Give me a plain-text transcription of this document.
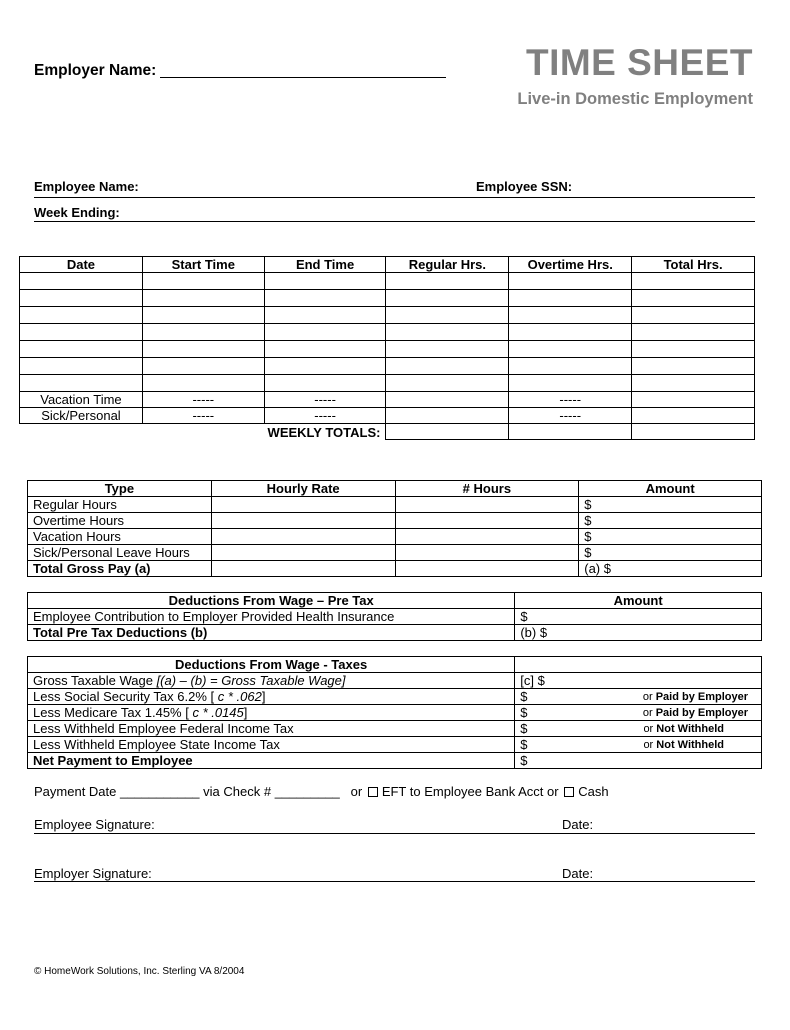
Employer Name:	TIME SHEET
Live-in Domestic Employment
Employee Name:	Employee SSN:
Week Ending:
Date	Start Time	End Time	Regular Hrs.	Overtime Hrs.	Total Hrs.

Vacation Time	-----	-----		-----	
Sick/Personal	-----	-----		-----	
	WEEKLY TOTALS:				
Type	Hourly Rate	# Hours	Amount
Regular Hours			$
Overtime Hours			$
Vacation Hours			$
Sick/Personal Leave Hours			$
Total Gross Pay (a)			(a) $
Deductions From Wage – Pre Tax	Amount
Employee Contribution to Employer Provided Health Insurance	$
Total Pre Tax Deductions (b)	(b) $
Deductions From Wage - Taxes	
Gross Taxable Wage [(a) – (b) = Gross Taxable Wage]	[c] $
Less Social Security Tax 6.2% [ c * .062]	$ or Paid by Employer

Less Medicare Tax 1.45% [ c * .0145]	$ or Paid by Employer

Less Withheld Employee Federal Income Tax	$ or Not Withheld

Less Withheld Employee State Income Tax	$ or Not Withheld

Net Payment to Employee	$
Payment Date ___________ via Check # _________ or EFT to Employee Bank Acct or Cash
Employee Signature:	Date:
Employer Signature:	Date:
© HomeWork Solutions, Inc. Sterling VA 8/2004
